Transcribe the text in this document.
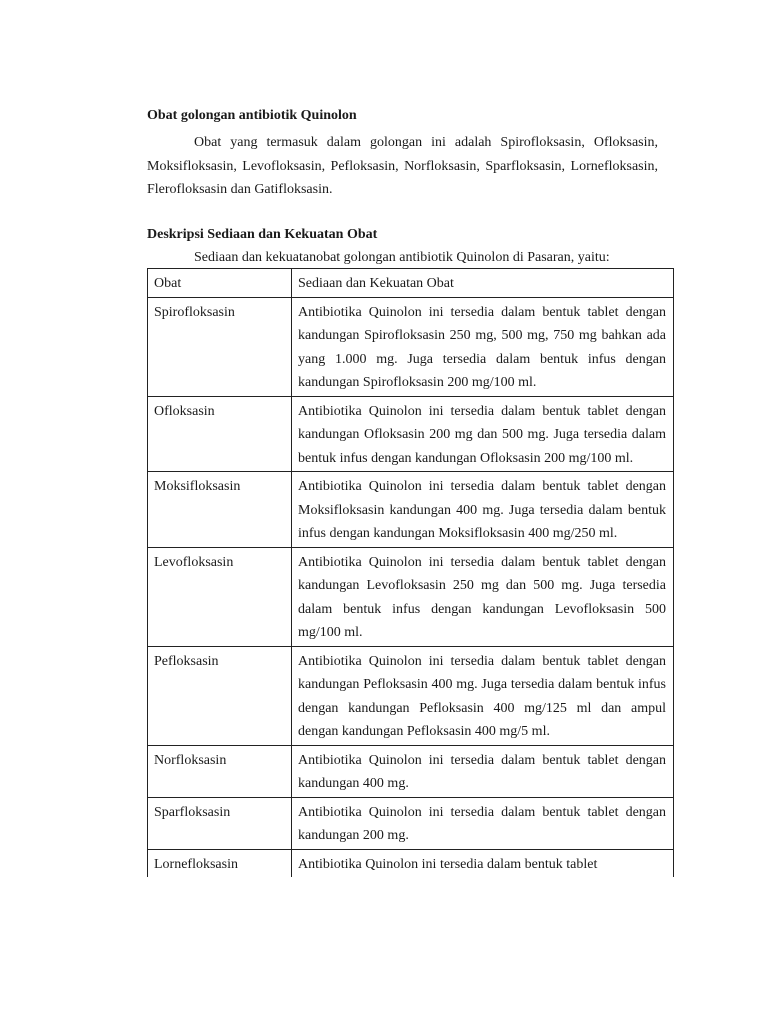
Obat golongan antibiotik Quinolon
Obat yang termasuk dalam golongan ini adalah Spirofloksasin, Ofloksasin, Moksifloksasin, Levofloksasin, Pefloksasin, Norfloksasin, Sparfloksasin, Lornefloksasin, Flerofloksasin dan Gatifloksasin.
Deskripsi Sediaan dan Kekuatan Obat
Sediaan dan kekuatanobat golongan antibiotik Quinolon di Pasaran, yaitu:
Obat	Sediaan dan Kekuatan Obat
Spirofloksasin	Antibiotika Quinolon ini tersedia dalam bentuk tablet dengan kandungan Spirofloksasin 250 mg, 500 mg, 750 mg bahkan ada yang 1.000 mg. Juga tersedia dalam bentuk infus dengan kandungan Spirofloksasin 200 mg/100 ml.
Ofloksasin	Antibiotika Quinolon ini tersedia dalam bentuk tablet dengan kandungan Ofloksasin 200 mg dan 500 mg. Juga tersedia dalam bentuk infus dengan kandungan Ofloksasin 200 mg/100 ml.
Moksifloksasin	Antibiotika Quinolon ini tersedia dalam bentuk tablet dengan Moksifloksasin kandungan 400 mg. Juga tersedia dalam bentuk infus dengan kandungan Moksifloksasin 400 mg/250 ml.
Levofloksasin	Antibiotika Quinolon ini tersedia dalam bentuk tablet dengan kandungan Levofloksasin 250 mg dan 500 mg. Juga tersedia dalam bentuk infus dengan kandungan Levofloksasin 500 mg/100 ml.
Pefloksasin	Antibiotika Quinolon ini tersedia dalam bentuk tablet dengan kandungan Pefloksasin 400 mg. Juga tersedia dalam bentuk infus dengan kandungan Pefloksasin 400 mg/125 ml dan ampul dengan kandungan Pefloksasin 400 mg/5 ml.
Norfloksasin	Antibiotika Quinolon ini tersedia dalam bentuk tablet dengan kandungan 400 mg.
Sparfloksasin	Antibiotika Quinolon ini tersedia dalam bentuk tablet dengan kandungan 200 mg.
Lornefloksasin	Antibiotika Quinolon ini tersedia dalam bentuk tablet
